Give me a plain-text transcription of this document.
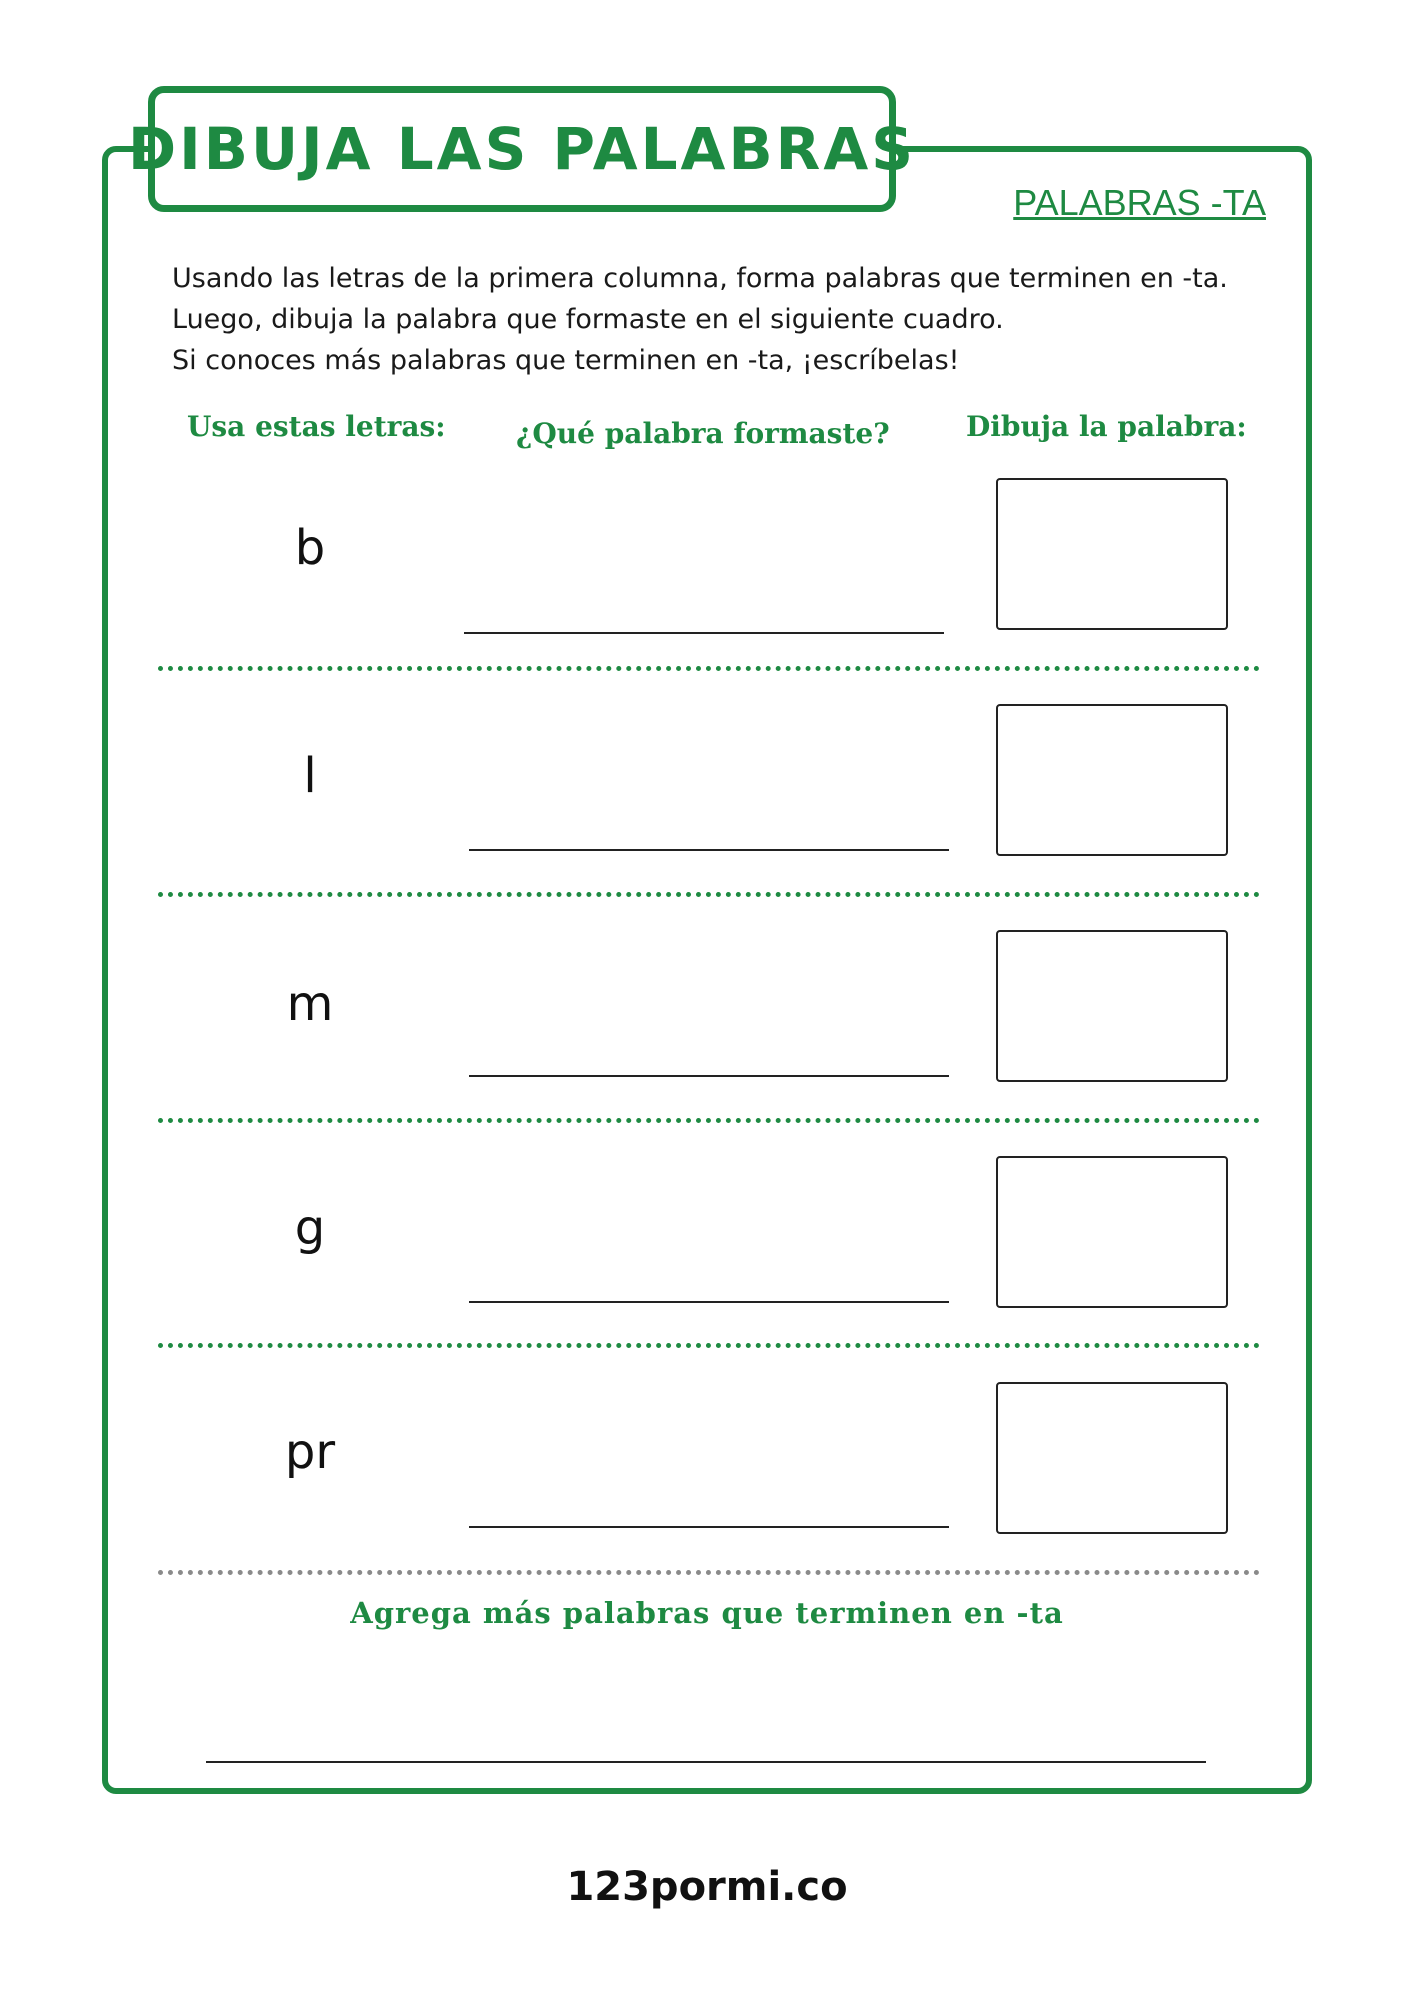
DIBUJA LAS PALABRAS
PALABRAS -TA
Usando las letras de la primera columna, forma palabras que terminen en -ta.
Luego, dibuja la palabra que formaste en el siguiente cuadro.
Si conoces más palabras que terminen en -ta, ¡escríbelas!
Usa estas letras:	¿Qué palabra formaste?	Dibuja la palabra:
b
l
m
g
pr
Agrega más palabras que terminen en -ta
123pormi.co
